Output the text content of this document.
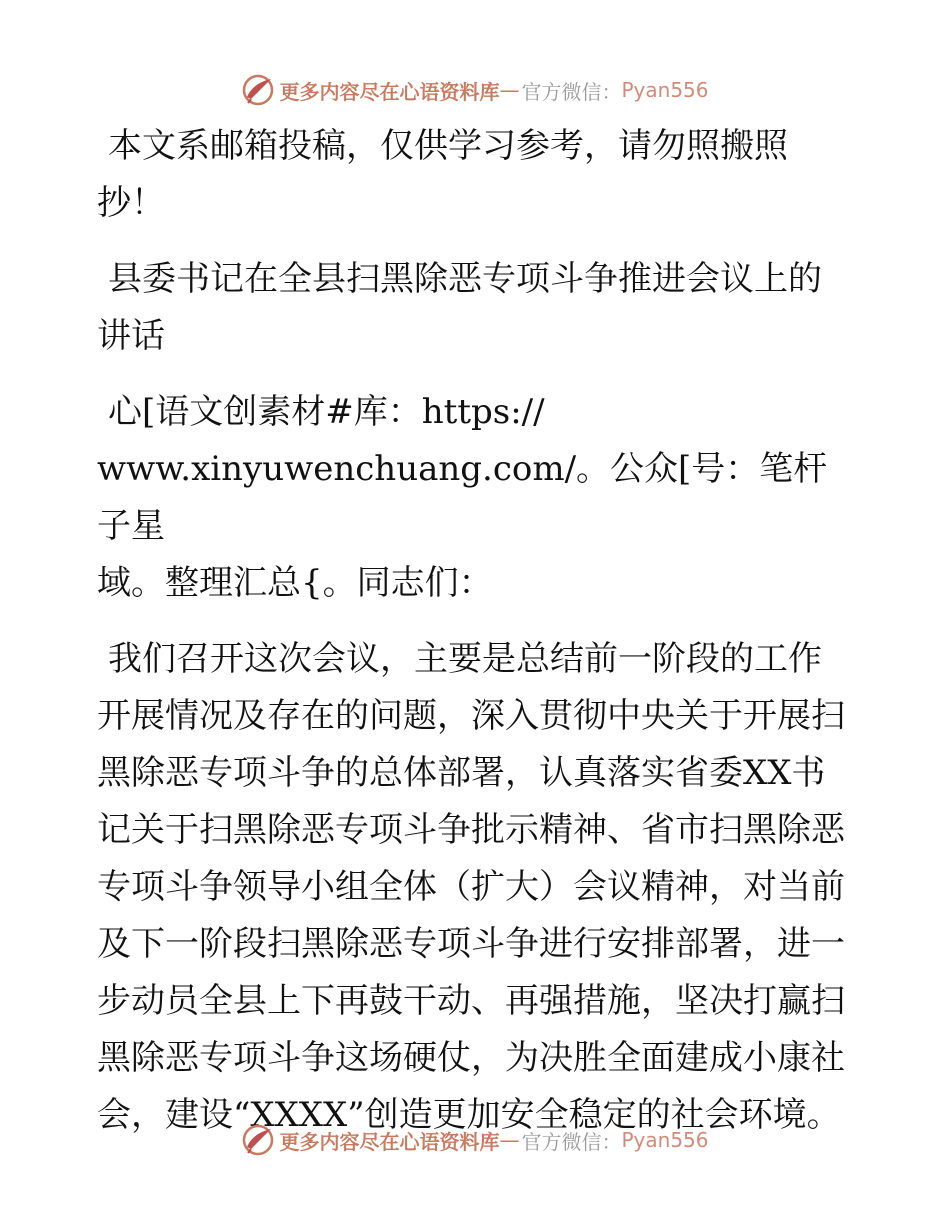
更多内容尽在心语资料库 — 官方微信： Pyan556

本文系邮箱投稿，仅供学习参考，请勿照搬照
抄！

县委书记在全县扫黑除恶专项斗争推进会议上的
讲话

心[语文创素材#库：https://
www.xinyuwenchuang.com/。公众[号：笔杆子星
域。整理汇总{。同志们：

我们召开这次会议，主要是总结前一阶段的工作
开展情况及存在的问题，深入贯彻中央关于开展扫
黑除恶专项斗争的总体部署，认真落实省委XX书
记关于扫黑除恶专项斗争批示精神、省市扫黑除恶
专项斗争领导小组全体（扩大）会议精神，对当前
及下一阶段扫黑除恶专项斗争进行安排部署，进一
步动员全县上下再鼓干动、再强措施，坚决打赢扫
黑除恶专项斗争这场硬仗，为决胜全面建成小康社
会，建设“XXXX”创造更加安全稳定的社会环境。

更多内容尽在心语资料库 — 官方微信： Pyan556
